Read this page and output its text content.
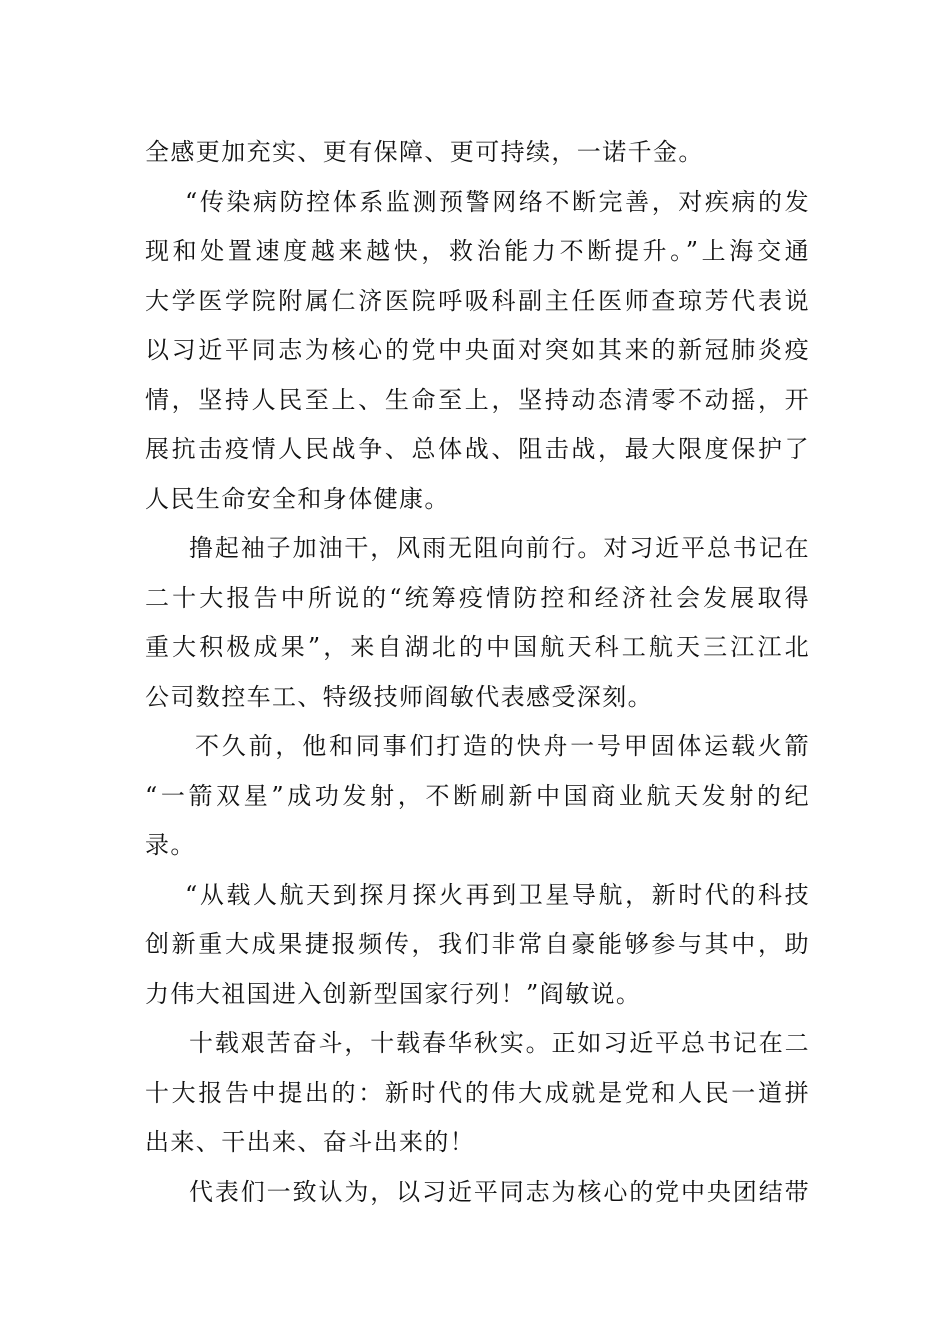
全感更加充实、更有保障、更可持续，一诺千金。
“传染病防控体系监测预警网络不断完善，对疾病的发
现和处置速度越来越快，救治能力不断提升。”上海交通
大学医学院附属仁济医院呼吸科副主任医师查琼芳代表说
以习近平同志为核心的党中央面对突如其来的新冠肺炎疫
情，坚持人民至上、生命至上，坚持动态清零不动摇，开
展抗击疫情人民战争、总体战、阻击战，最大限度保护了
人民生命安全和身体健康。
撸起袖子加油干，风雨无阻向前行。对习近平总书记在
二十大报告中所说的“统筹疫情防控和经济社会发展取得
重大积极成果”，来自湖北的中国航天科工航天三江江北
公司数控车工、特级技师阎敏代表感受深刻。
不久前，他和同事们打造的快舟一号甲固体运载火箭
“一箭双星”成功发射，不断刷新中国商业航天发射的纪
录。
“从载人航天到探月探火再到卫星导航，新时代的科技
创新重大成果捷报频传，我们非常自豪能够参与其中，助
力伟大祖国进入创新型国家行列！”阎敏说。
十载艰苦奋斗，十载春华秋实。正如习近平总书记在二
十大报告中提出的：新时代的伟大成就是党和人民一道拼
出来、干出来、奋斗出来的！
代表们一致认为，以习近平同志为核心的党中央团结带
